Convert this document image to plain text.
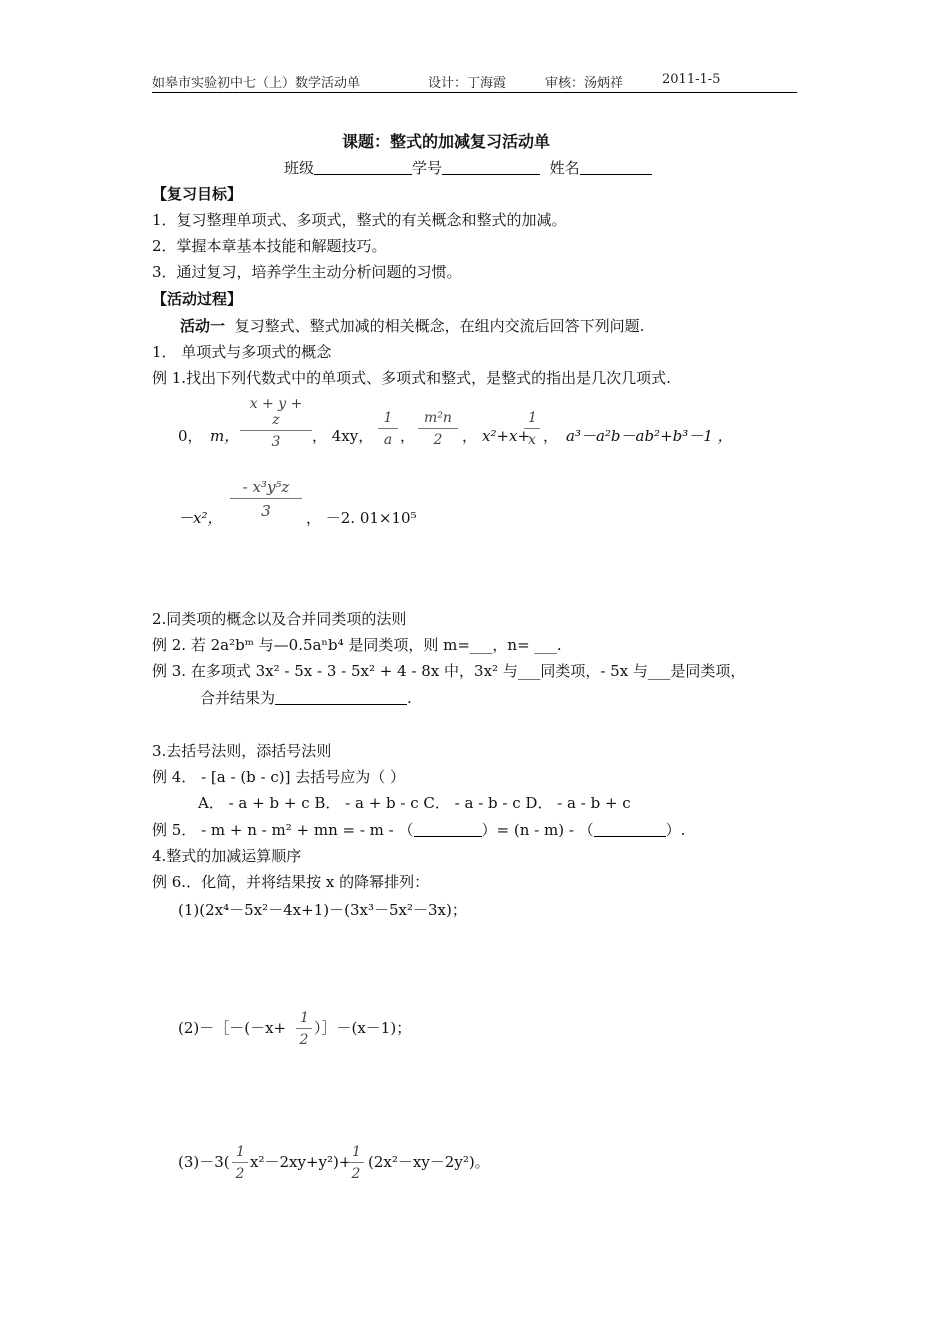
如皋市实验初中七（上）数学活动单	设计：丁海霞	审核：汤炳祥	2011-1-5
课题：整式的加减复习活动单
班级	学号	姓名
【复习目标】
1．复习整理单项式、多项式，整式的有关概念和整式的加减。
2．掌握本章基本技能和解题技巧。
3．通过复习，培养学生主动分析问题的习惯。
【活动过程】
活动一 复习整式、整式加减的相关概念，在组内交流后回答下列问题.
1． 单项式与多项式的概念
例 1.找出下列代数式中的单项式、多项式和整式，是整式的指出是几次几项式.
0， m， $\frac{x + y + z}{3}$ ， 4xy， $\frac{1}{a}$ ， $\frac{\text{m²n}}{2}$ ， x²+x+
$\frac{1}{x}$ ， a³－a²b－ab²+b³－1 ，
－x²， $\frac{\text{- x³y⁵z}}{3}$ ， －2. 01×10⁵
2.同类项的概念以及合并同类项的法则
例 2. 若 2a²bᵐ 与—0.5aⁿb⁴ 是同类项，则 m=___，n= ___.
例 3. 在多项式 3x² - 5x - 3 - 5x² + 4 - 8x 中，3x² 与___同类项，- 5x 与___是同类项，
合并结果为	.
3.去括号法则，添括号法则
例 4． - [a - (b - c)] 去括号应为（ ）
A． - a + b + c B． - a + b - c C． - a - b - c D． - a - b + c
例 5． - m + n - m² + mn = - m - （	）= (n - m) - （	）.
4.整式的加减运算顺序
例 6.．化简，并将结果按 x 的降幂排列：
(1)(2x⁴－5x²－4x+1)－(3x³－5x²－3x)；
(2)－［－(－x+ $\frac{1}{2}$ ）］－(x－1)；
$(3)-3( \frac{1}{2} x^2-2xy+y^2)+$
$\frac{1}{2} (2x^2-xy-2y^2)$。
